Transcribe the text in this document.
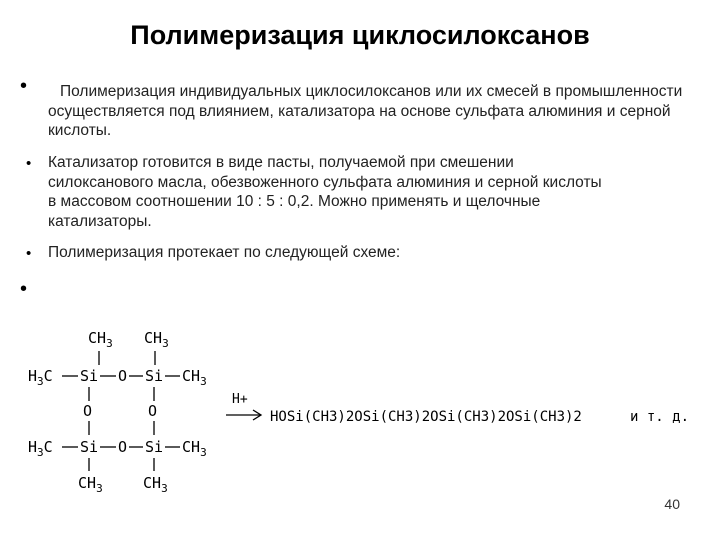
Полимеризация циклосилоксанов
•	Полимеризация индивидуальных циклосилоксанов или их смесей в промышленности осуществляется под влиянием, катализатора на основе сульфата алюминия и серной кислоты.
• Катализатор готовится в виде пасты, получаемой при смешении силоксанового масла, обезвоженного сульфата алюминия и серной кислоты в массовом соотношении 10 : 5 : 0,2. Можно применять и щелочные катализаторы.
• Полимеризация протекает по следующей схеме:
•
$CH_3$ $CH_3$
$H_3C$ Si O Si $CH_3$
O	O
$H_3C$ Si O Si $CH_3$
$CH_3$	$CH_3$
H+
HOSi(CH3)2OSi(CH3)2OSi(CH3)2OSi(CH3)2	и т. д.
40
